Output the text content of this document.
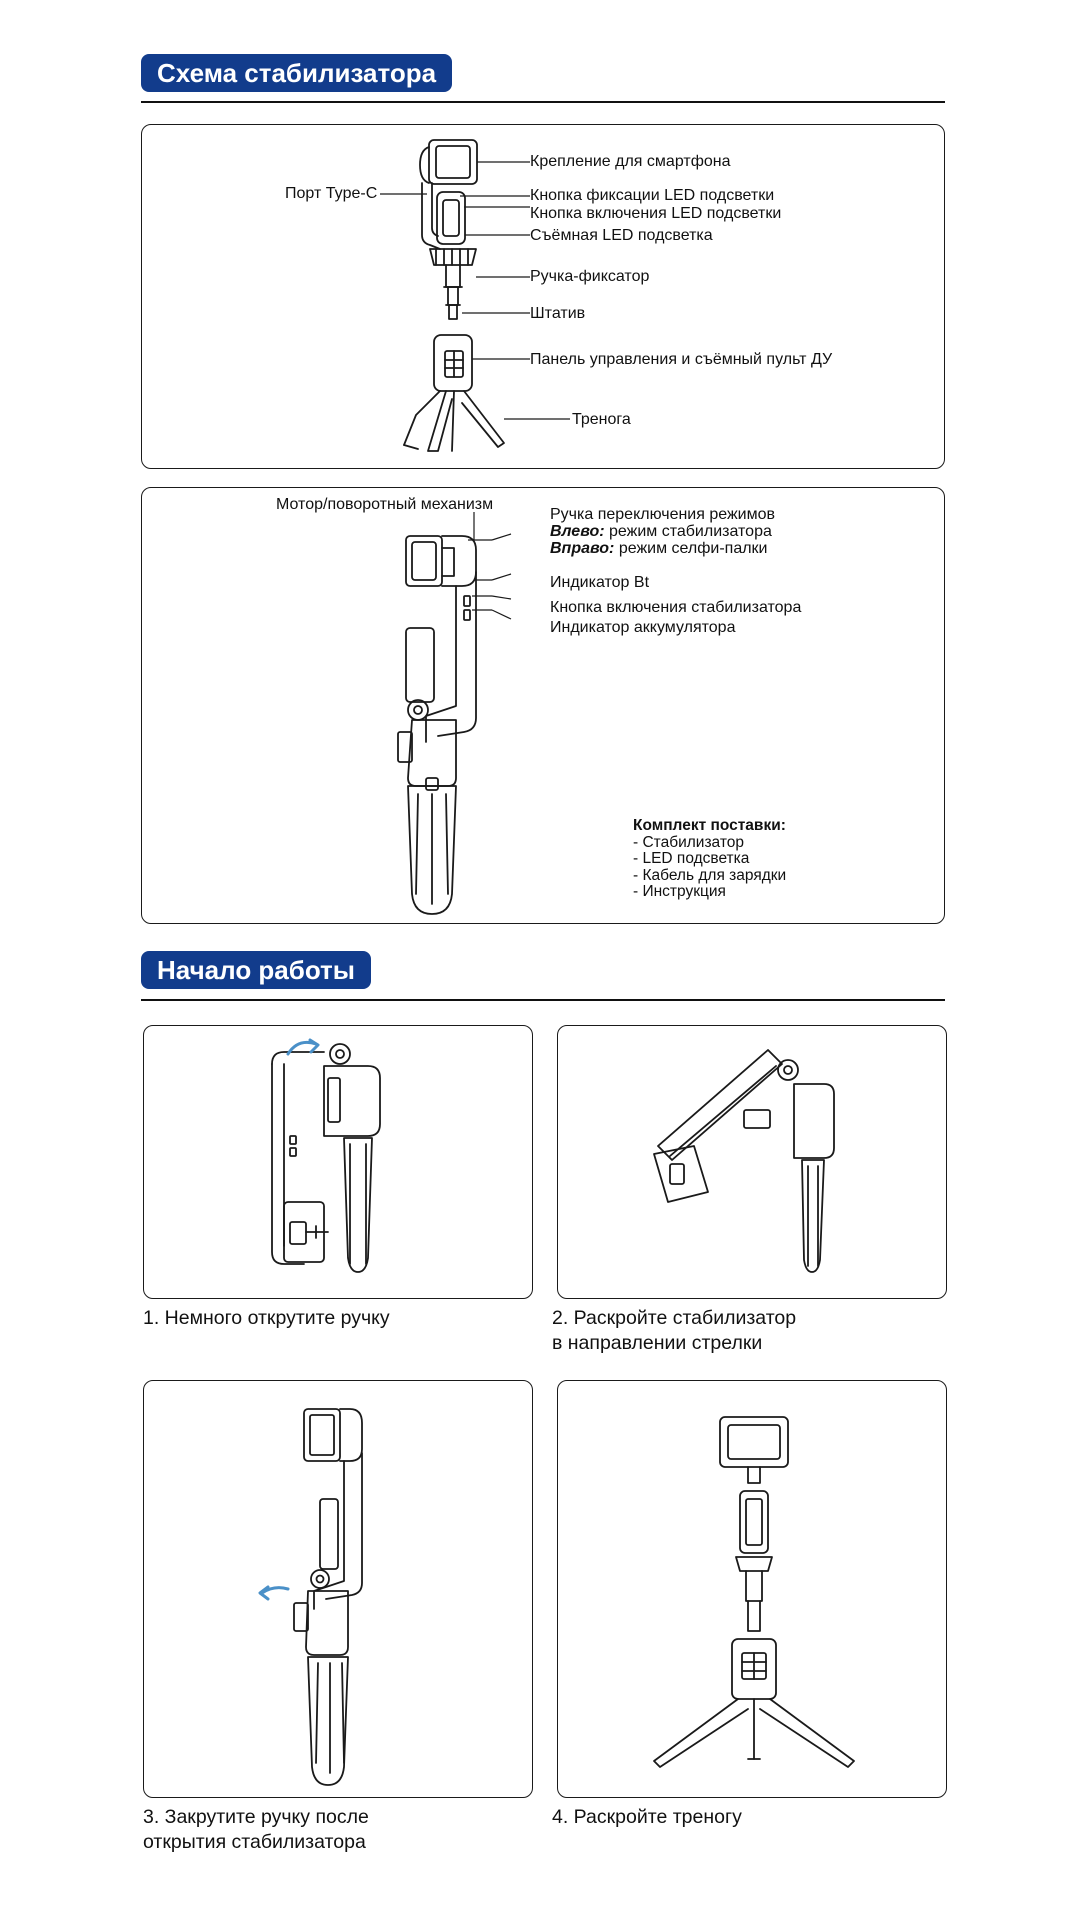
Схема стабилизатора
Крепление для смартфона
Порт Type-C	Кнопка фиксации LED подсветки
Кнопка включения LED подсветки
Съёмная LED подсветка
Ручка-фиксатор
Штатив
Панель управления и съёмный пульт ДУ
Тренога
Мотор/поворотный механизм
Ручка переключения режимов
Влево: режим стабилизатора
Вправо: режим селфи-палки
Индикатор Bt
Кнопка включения стабилизатора
Индикатор аккумулятора
Комплект поставки:
- Стабилизатор
- LED подсветка
- Кабель для зарядки
- Инструкция
Начало работы
1. Немного открутите ручку	2. Раскройте стабилизатор
в направлении стрелки
3. Закрутите ручку после
открытия стабилизатора
4. Раскройте треногу
